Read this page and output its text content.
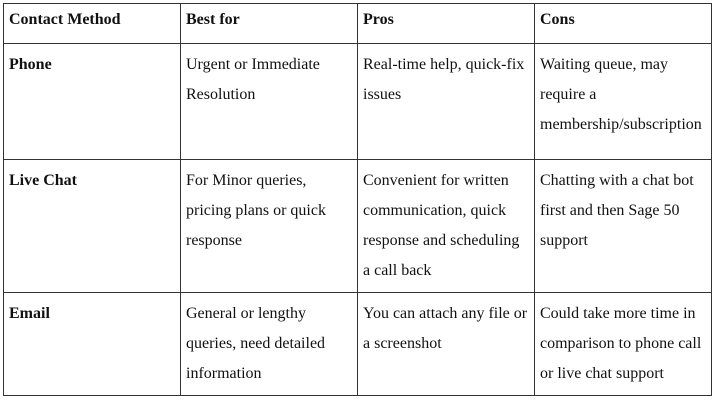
Contact Method	Best for	Pros	Cons
Phone	Urgent or Immediate Resolution	Real-time help, quick-fix issues	Waiting queue, may require a membership/subscription
Live Chat	For Minor queries, pricing plans or quick response	Convenient for written communication, quick response and scheduling a call back	Chatting with a chat bot first and then Sage 50 support
Email	General or lengthy queries, need detailed information	You can attach any file or a screenshot	Could take more time in comparison to phone call or live chat support
